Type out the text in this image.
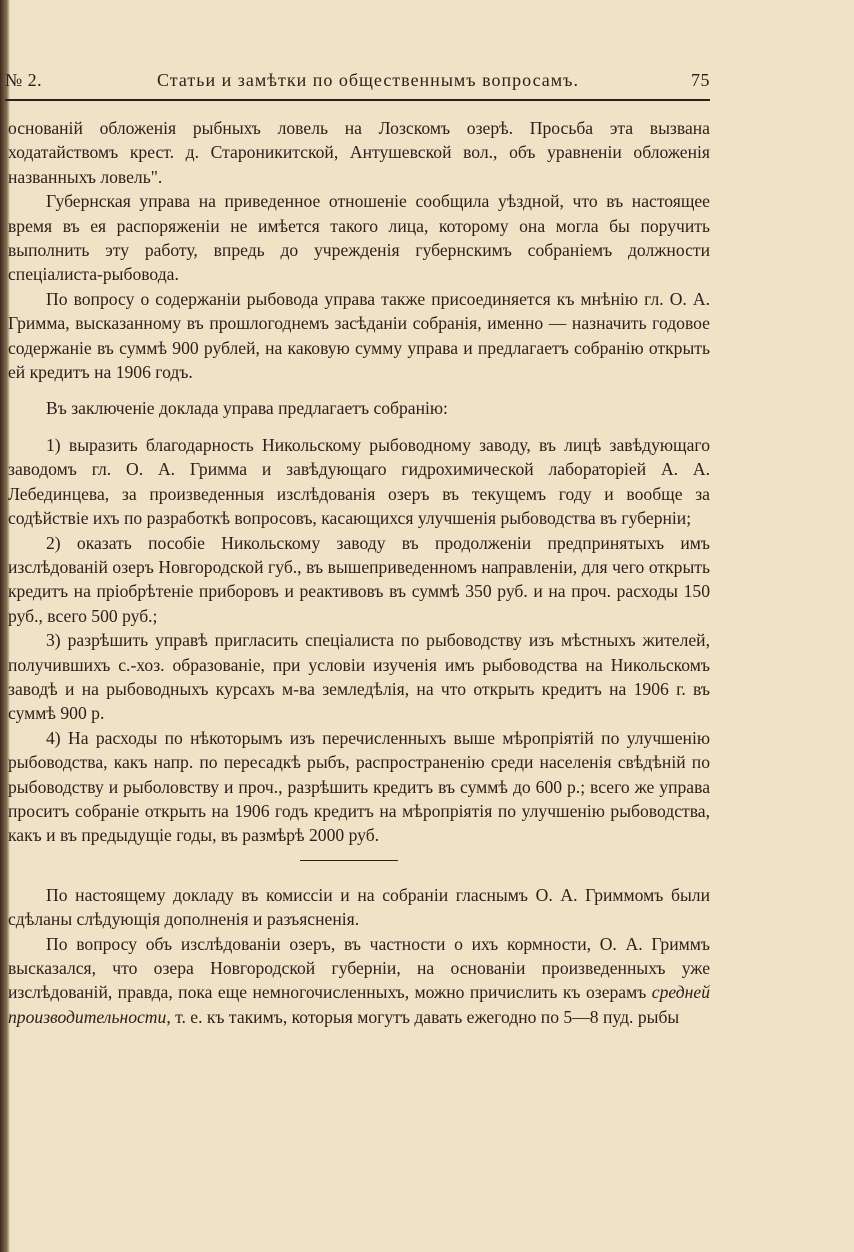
№ 2.	Статьи и замѣтки по общественнымъ вопросамъ.	75

основаній обложенія рыбныхъ ловель на Лозскомъ озерѣ. Просьба эта вызвана ходатайствомъ крест. д. Староникитской, Антушевской вол., объ уравненіи обложенія названныхъ ловель".

Губернская управа на приведенное отношеніе сообщила уѣздной, что въ настоящее время въ ея распоряженіи не имѣется такого лица, которому она могла бы поручить выполнить эту работу, впредь до учрежденія губернскимъ собраніемъ должности спеціалиста-рыбовода.

По вопросу о содержаніи рыбовода управа также присоединяется къ мнѣнію гл. О. А. Гримма, высказанному въ прошлогоднемъ засѣданіи собранія, именно — назначить годовое содержаніе въ суммѣ 900 рублей, на каковую сумму управа и предлагаетъ собранію открыть ей кредитъ на 1906 годъ.

Въ заключеніе доклада управа предлагаетъ собранію:

1) выразить благодарность Никольскому рыбоводному заводу, въ лицѣ завѣдующаго заводомъ гл. О. А. Гримма и завѣдующаго гидрохимической лабораторіей А. А. Лебединцева, за произведенныя изслѣдованія озеръ въ текущемъ году и вообще за содѣйствіе ихъ по разработкѣ вопросовъ, касающихся улучшенія рыбоводства въ губерніи;

2) оказать пособіе Никольскому заводу въ продолженіи предпринятыхъ имъ изслѣдованій озеръ Новгородской губ., въ вышеприведенномъ направленіи, для чего открыть кредитъ на пріобрѣтеніе приборовъ и реактивовъ въ суммѣ 350 руб. и на проч. расходы 150 руб., всего 500 руб.;

3) разрѣшить управѣ пригласить спеціалиста по рыбоводству изъ мѣстныхъ жителей, получившихъ с.-хоз. образованіе, при условіи изученія имъ рыбоводства на Никольскомъ заводѣ и на рыбоводныхъ курсахъ м-ва земледѣлія, на что открыть кредитъ на 1906 г. въ суммѣ 900 р.

4) На расходы по нѣкоторымъ изъ перечисленныхъ выше мѣропріятій по улучшенію рыбоводства, какъ напр. по пересадкѣ рыбъ, распространенію среди населенія свѣдѣній по рыбоводству и рыболовству и проч., разрѣшить кредитъ въ суммѣ до 600 р.; всего же управа проситъ собраніе открыть на 1906 годъ кредитъ на мѣропріятія по улучшенію рыбоводства, какъ и въ предыдущіе годы, въ размѣрѣ 2000 руб.

По настоящему докладу въ комиссіи и на собраніи гласнымъ О. А. Гриммомъ были сдѣланы слѣдующія дополненія и разъясненія.

По вопросу объ изслѣдованіи озеръ, въ частности о ихъ кормности, О. А. Гриммъ высказался, что озера Новгородской губерніи, на основаніи произведенныхъ уже изслѣдованій, правда, пока еще немногочисленныхъ, можно причислить къ озерамъ средней производительности, т. е. къ такимъ, которыя могутъ давать ежегодно по 5—8 пуд. рыбы
